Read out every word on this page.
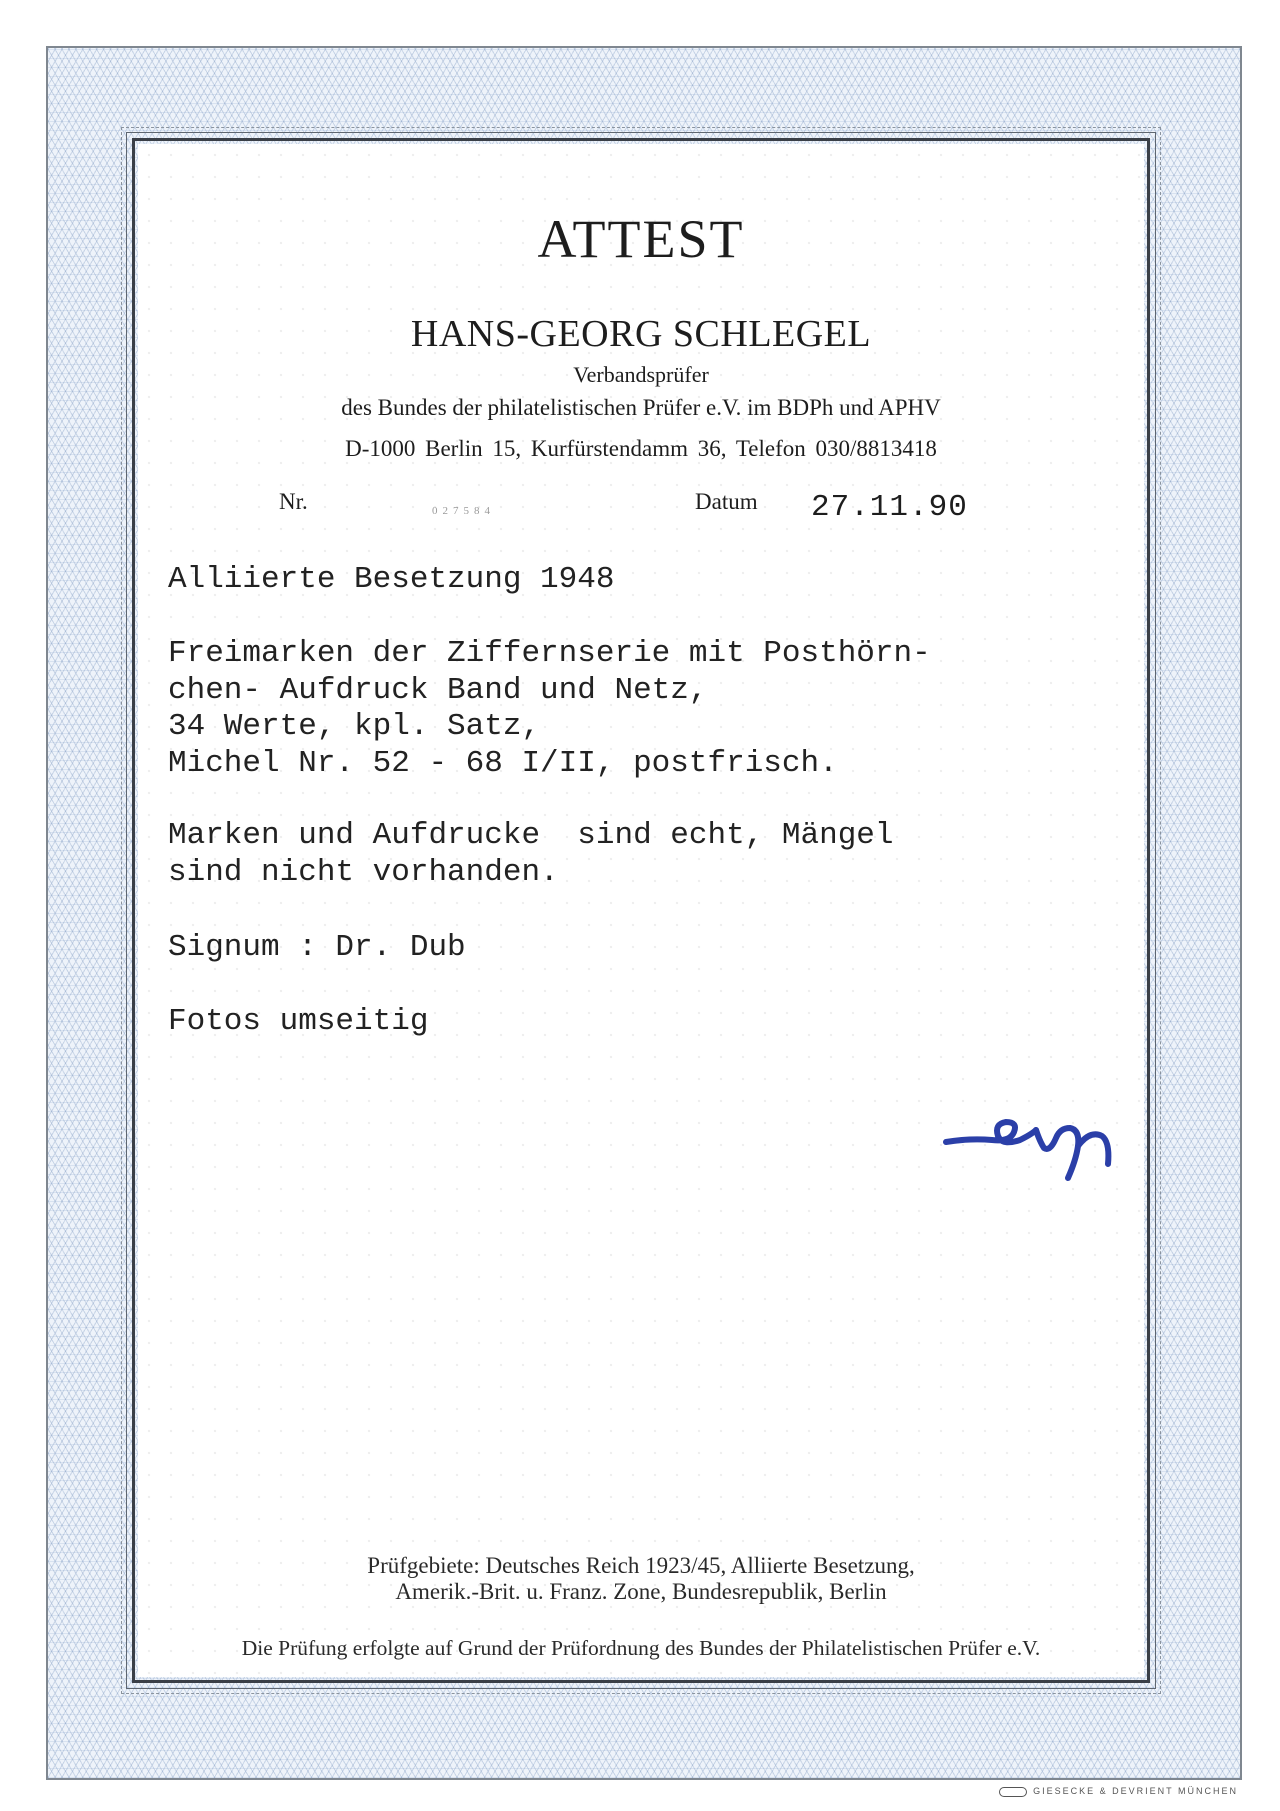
ATTEST
HANS-GEORG SCHLEGEL
Verbandsprüfer
des Bundes der philatelistischen Prüfer e.V. im BDPh und APHV
D-1000 Berlin 15, Kurfürstendamm 36, Telefon 030/8813418
Nr.	027584	Datum 27.11.90
Alliierte Besetzung 1948
Freimarken der Ziffernserie mit Posthörn-
chen- Aufdruck Band und Netz,
34 Werte, kpl. Satz,
Michel Nr. 52 - 68 I/II, postfrisch.
Marken und Aufdrucke  sind echt, Mängel
sind nicht vorhanden.
Signum : Dr. Dub
Fotos umseitig
Prüfgebiete: Deutsches Reich 1923/45, Alliierte Besetzung,
Amerik.-Brit. u. Franz. Zone, Bundesrepublik, Berlin
Die Prüfung erfolgte auf Grund der Prüfordnung des Bundes der Philatelistischen Prüfer e.V.
GIESECKE & DEVRIENT MÜNCHEN
